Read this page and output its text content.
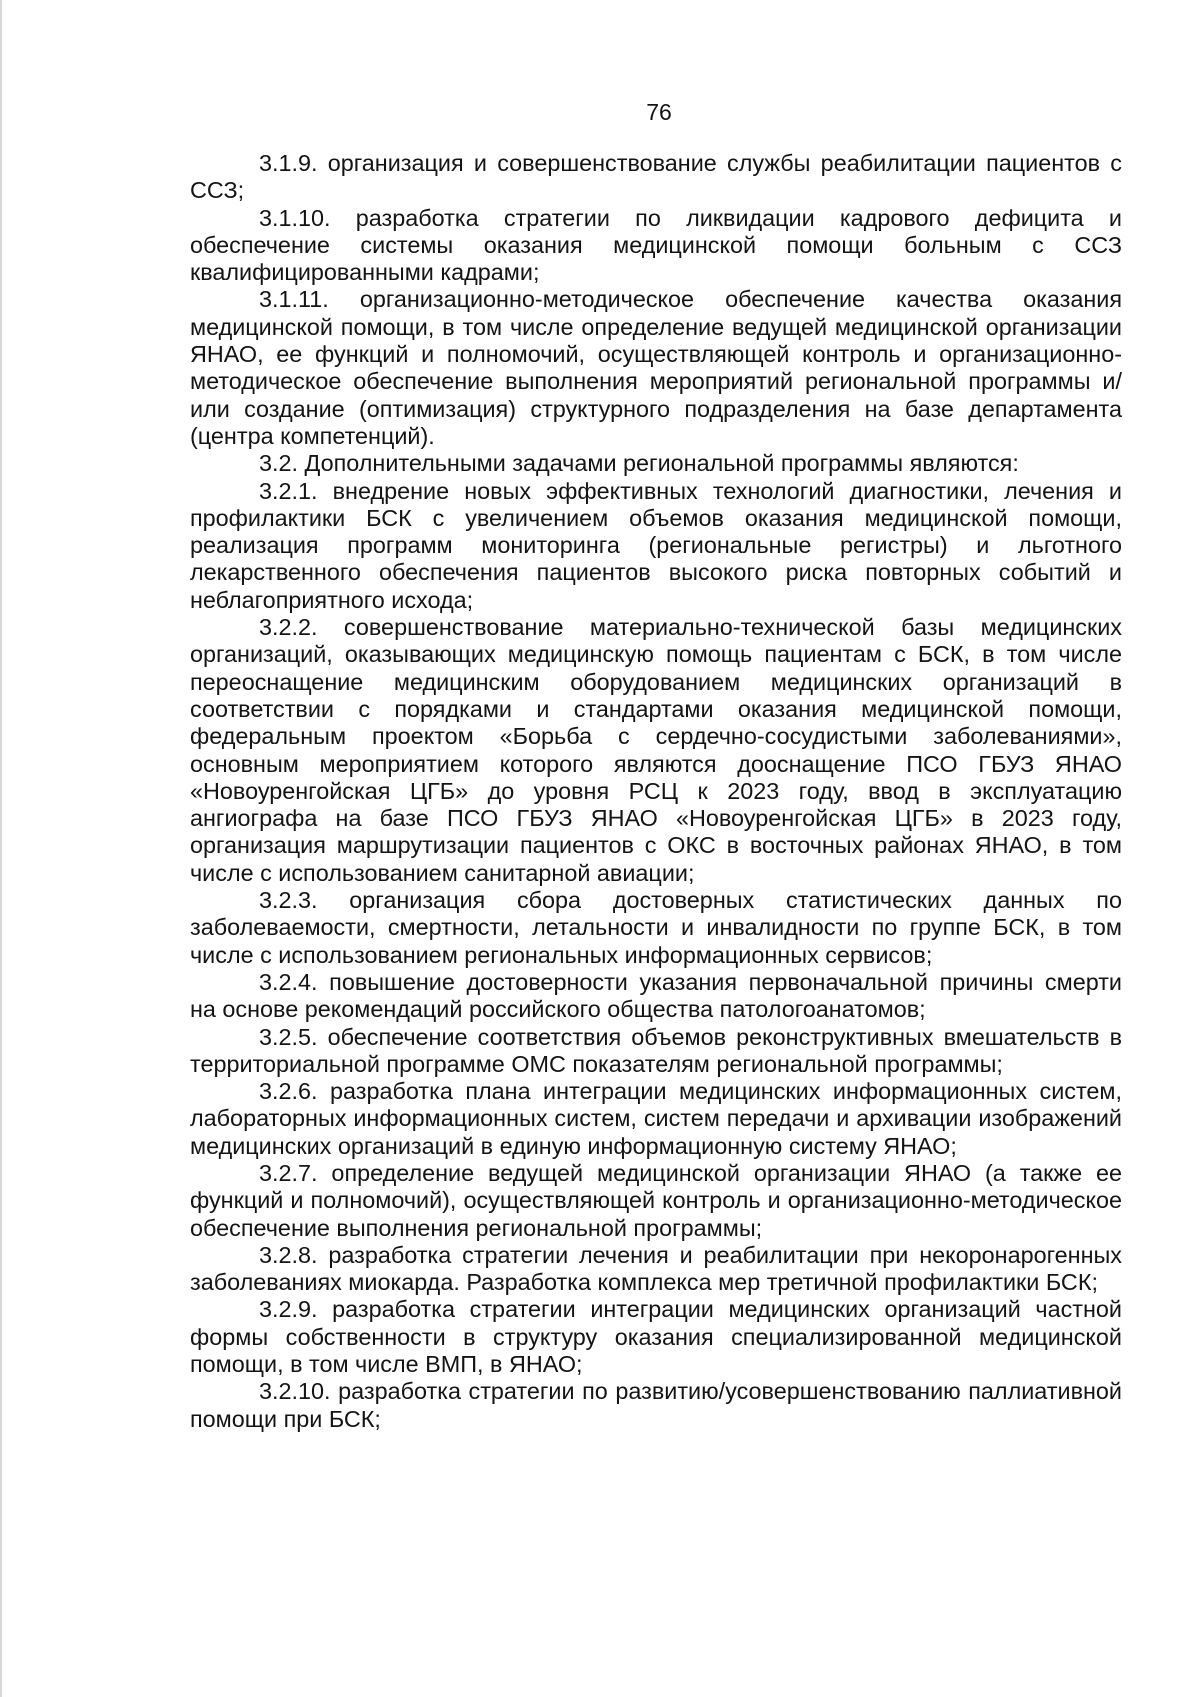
76

3.1.9. организация и совершенствование службы реабилитации пациентов с ССЗ;

3.1.10. разработка стратегии по ликвидации кадрового дефицита и обеспечение системы оказания медицинской помощи больным с ССЗ квалифицированными кадрами;

3.1.11. организационно-методическое обеспечение качества оказания медицинской помощи, в том числе определение ведущей медицинской организации ЯНАО, ее функций и полномочий, осуществляющей контроль и организационно-методическое обеспечение выполнения мероприятий региональной программы и/или создание (оптимизация) структурного подразделения на базе департамента (центра компетенций).

3.2. Дополнительными задачами региональной программы являются:

3.2.1. внедрение новых эффективных технологий диагностики, лечения и профилактики БСК с увеличением объемов оказания медицинской помощи, реализация программ мониторинга (региональные регистры) и льготного лекарственного обеспечения пациентов высокого риска повторных событий и неблагоприятного исхода;

3.2.2. совершенствование материально-технической базы медицинских организаций, оказывающих медицинскую помощь пациентам с БСК, в том числе переоснащение медицинским оборудованием медицинских организаций в соответствии с порядками и стандартами оказания медицинской помощи, федеральным проектом «Борьба с сердечно-сосудистыми заболеваниями», основным мероприятием которого являются дооснащение ПСО ГБУЗ ЯНАО «Новоуренгойская ЦГБ» до уровня РСЦ к 2023 году, ввод в эксплуатацию ангиографа на базе ПСО ГБУЗ ЯНАО «Новоуренгойская ЦГБ» в 2023 году, организация маршрутизации пациентов с ОКС в восточных районах ЯНАО, в том числе с использованием санитарной авиации;

3.2.3. организация сбора достоверных статистических данных по заболеваемости, смертности, летальности и инвалидности по группе БСК, в том числе с использованием региональных информационных сервисов;

3.2.4. повышение достоверности указания первоначальной причины смерти на основе рекомендаций российского общества патологоанатомов;

3.2.5. обеспечение соответствия объемов реконструктивных вмешательств в территориальной программе ОМС показателям региональной программы;

3.2.6. разработка плана интеграции медицинских информационных систем, лабораторных информационных систем, систем передачи и архивации изображений медицинских организаций в единую информационную систему ЯНАО;

3.2.7. определение ведущей медицинской организации ЯНАО (а также ее функций и полномочий), осуществляющей контроль и организационно-методическое обеспечение выполнения региональной программы;

3.2.8. разработка стратегии лечения и реабилитации при некоронарогенных заболеваниях миокарда. Разработка комплекса мер третичной профилактики БСК;

3.2.9. разработка стратегии интеграции медицинских организаций частной формы собственности в структуру оказания специализированной медицинской помощи, в том числе ВМП, в ЯНАО;

3.2.10. разработка стратегии по развитию/усовершенствованию паллиативной помощи при БСК;
